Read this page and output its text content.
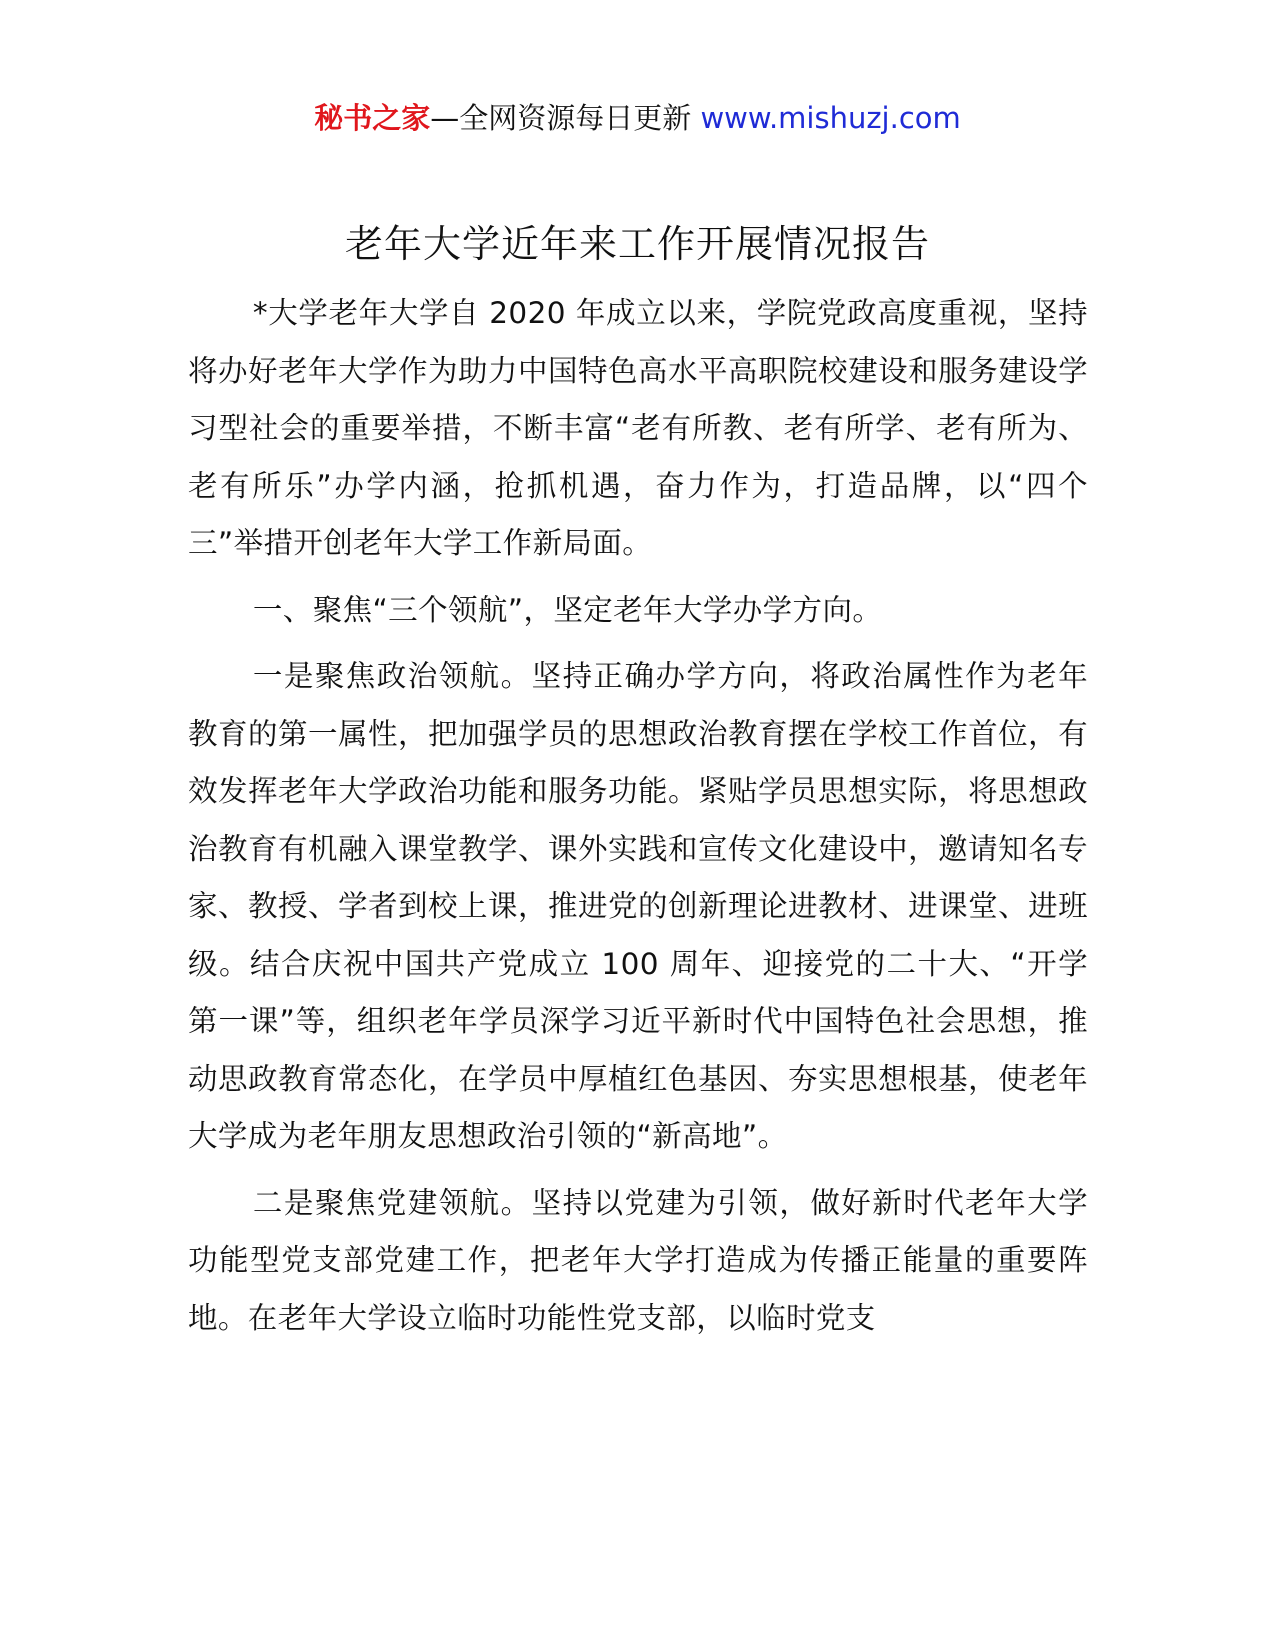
秘书之家—全网资源每日更新 www.mishuzj.com
老年大学近年来工作开展情况报告

*大学老年大学自 2020 年成立以来，学院党政高度重视，坚持将办好老年大学作为助力中国特色高水平高职院校建设和服务建设学习型社会的重要举措，不断丰富“老有所教、老有所学、老有所为、老有所乐”办学内涵，抢抓机遇，奋力作为，打造品牌，以“四个三”举措开创老年大学工作新局面。

一、聚焦“三个领航”，坚定老年大学办学方向。

一是聚焦政治领航。坚持正确办学方向，将政治属性作为老年教育的第一属性，把加强学员的思想政治教育摆在学校工作首位，有效发挥老年大学政治功能和服务功能。紧贴学员思想实际，将思想政治教育有机融入课堂教学、课外实践和宣传文化建设中，邀请知名专家、教授、学者到校上课，推进党的创新理论进教材、进课堂、进班级。结合庆祝中国共产党成立 100 周年、迎接党的二十大、“开学第一课”等，组织老年学员深学习近平新时代中国特色社会思想，推动思政教育常态化，在学员中厚植红色基因、夯实思想根基，使老年大学成为老年朋友思想政治引领的“新高地”。

二是聚焦党建领航。坚持以党建为引领，做好新时代老年大学功能型党支部党建工作，把老年大学打造成为传播正能量的重要阵地。在老年大学设立临时功能性党支部，以临时党支
